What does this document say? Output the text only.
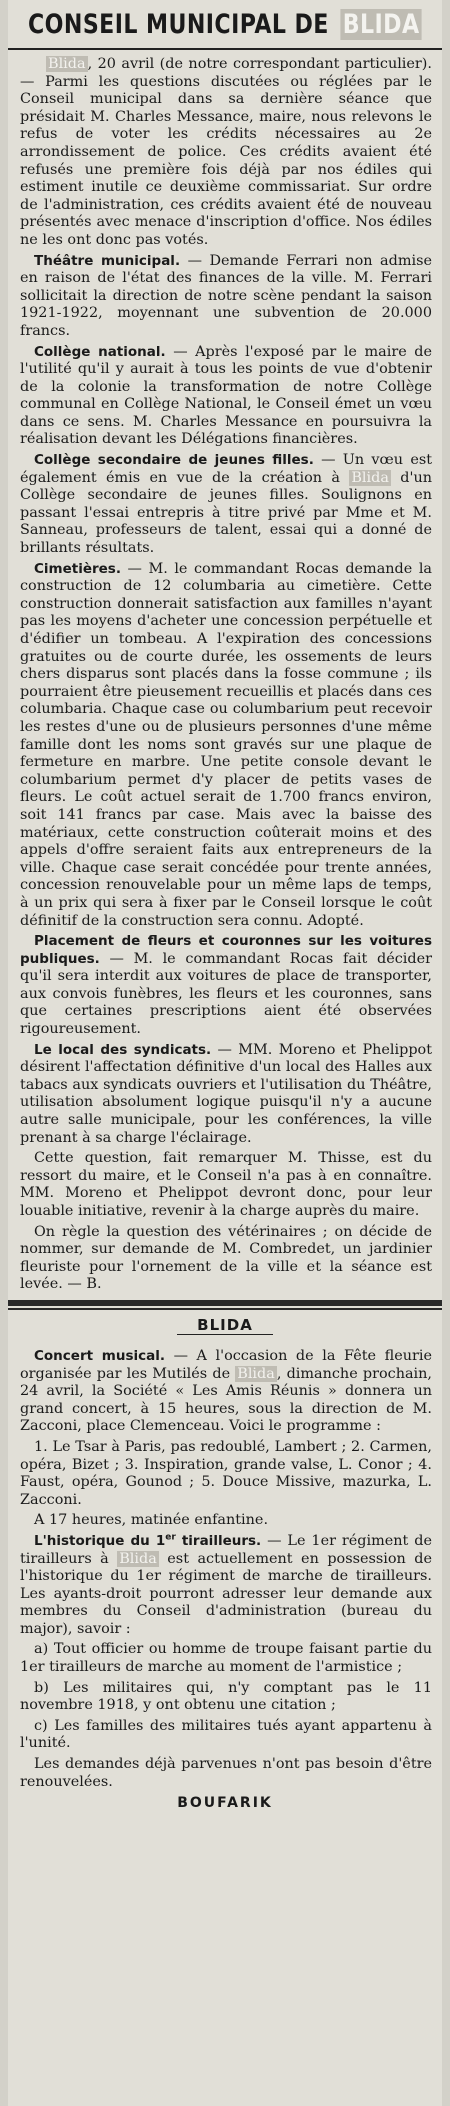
CONSEIL MUNICIPAL DE BLIDA

Blida , 20 avril (de notre correspondant particulier). — Parmi les questions discutées ou réglées par le Conseil municipal dans sa dernière séance que présidait M. Charles Messance, maire, nous relevons le refus de voter les crédits nécessaires au 2e arrondissement de police. Ces crédits avaient été refusés une première fois déjà par nos édiles qui estiment inutile ce deuxième commissariat. Sur ordre de l'administration, ces crédits avaient été de nouveau présentés avec menace d'inscription d'office. Nos édiles ne les ont donc pas votés.

Théâtre municipal. — Demande Ferrari non admise en raison de l'état des finances de la ville. M. Ferrari sollicitait la direction de notre scène pendant la saison 1921-1922, moyennant une subvention de 20.000 francs.

Collège national. — Après l'exposé par le maire de l'utilité qu'il y aurait à tous les points de vue d'obtenir de la colonie la transformation de notre Collège communal en Collège National, le Conseil émet un vœu dans ce sens. M. Charles Messance en poursuivra la réalisation devant les Délégations financières.

Collège secondaire de jeunes filles. — Un vœu est également émis en vue de la création à Blida d'un Collège secondaire de jeunes filles. Soulignons en passant l'essai entrepris à titre privé par Mme et M. Sanneau, professeurs de talent, essai qui a donné de brillants résultats.

Cimetières. — M. le commandant Rocas demande la construction de 12 columbaria au cimetière. Cette construction donnerait satisfaction aux familles n'ayant pas les moyens d'acheter une concession perpétuelle et d'édifier un tombeau. A l'expiration des concessions gratuites ou de courte durée, les ossements de leurs chers disparus sont placés dans la fosse commune ; ils pourraient être pieusement recueillis et placés dans ces columbaria. Chaque case ou columbarium peut recevoir les restes d'une ou de plusieurs personnes d'une même famille dont les noms sont gravés sur une plaque de fermeture en marbre. Une petite console devant le columbarium permet d'y placer de petits vases de fleurs. Le coût actuel serait de 1.700 francs environ, soit 141 francs par case. Mais avec la baisse des matériaux, cette construction coûterait moins et des appels d'offre seraient faits aux entrepreneurs de la ville. Chaque case serait concédée pour trente années, concession renouvelable pour un même laps de temps, à un prix qui sera à fixer par le Conseil lorsque le coût définitif de la construction sera connu. Adopté.

Placement de fleurs et couronnes sur les voitures publiques. — M. le commandant Rocas fait décider qu'il sera interdit aux voitures de place de transporter, aux convois funèbres, les fleurs et les couronnes, sans que certaines prescriptions aient été observées rigoureusement.

Le local des syndicats. — MM. Moreno et Phelippot désirent l'affectation définitive d'un local des Halles aux tabacs aux syndicats ouvriers et l'utilisation du Théâtre, utilisation absolument logique puisqu'il n'y a aucune autre salle municipale, pour les conférences, la ville prenant à sa charge l'éclairage.

Cette question, fait remarquer M. Thisse, est du ressort du maire, et le Conseil n'a pas à en connaître. MM. Moreno et Phelippot devront donc, pour leur louable initiative, revenir à la charge auprès du maire.

On règle la question des vétérinaires ; on décide de nommer, sur demande de M. Combredet, un jardinier fleuriste pour l'ornement de la ville et la séance est levée. — B.

BLIDA

Concert musical. — A l'occasion de la Fête fleurie organisée par les Mutilés de Blida , dimanche prochain, 24 avril, la Société « Les Amis Réunis » donnera un grand concert, à 15 heures, sous la direction de M. Zacconi, place Clemenceau. Voici le programme :

1. Le Tsar à Paris, pas redoublé, Lambert ; 2. Carmen, opéra, Bizet ; 3. Inspiration, grande valse, L. Conor ; 4. Faust, opéra, Gounod ; 5. Douce Missive, mazurka, L. Zacconi.

A 17 heures, matinée enfantine.

L'historique du 1er tirailleurs. — Le 1er régiment de tirailleurs à Blida est actuellement en possession de l'historique du 1er régiment de marche de tirailleurs. Les ayants-droit pourront adresser leur demande aux membres du Conseil d'administration (bureau du major), savoir :

a) Tout officier ou homme de troupe faisant partie du 1er tirailleurs de marche au moment de l'armistice ;

b) Les militaires qui, n'y comptant pas le 11 novembre 1918, y ont obtenu une citation ;

c) Les familles des militaires tués ayant appartenu à l'unité.

Les demandes déjà parvenues n'ont pas besoin d'être renouvelées.

BOUFARIK
